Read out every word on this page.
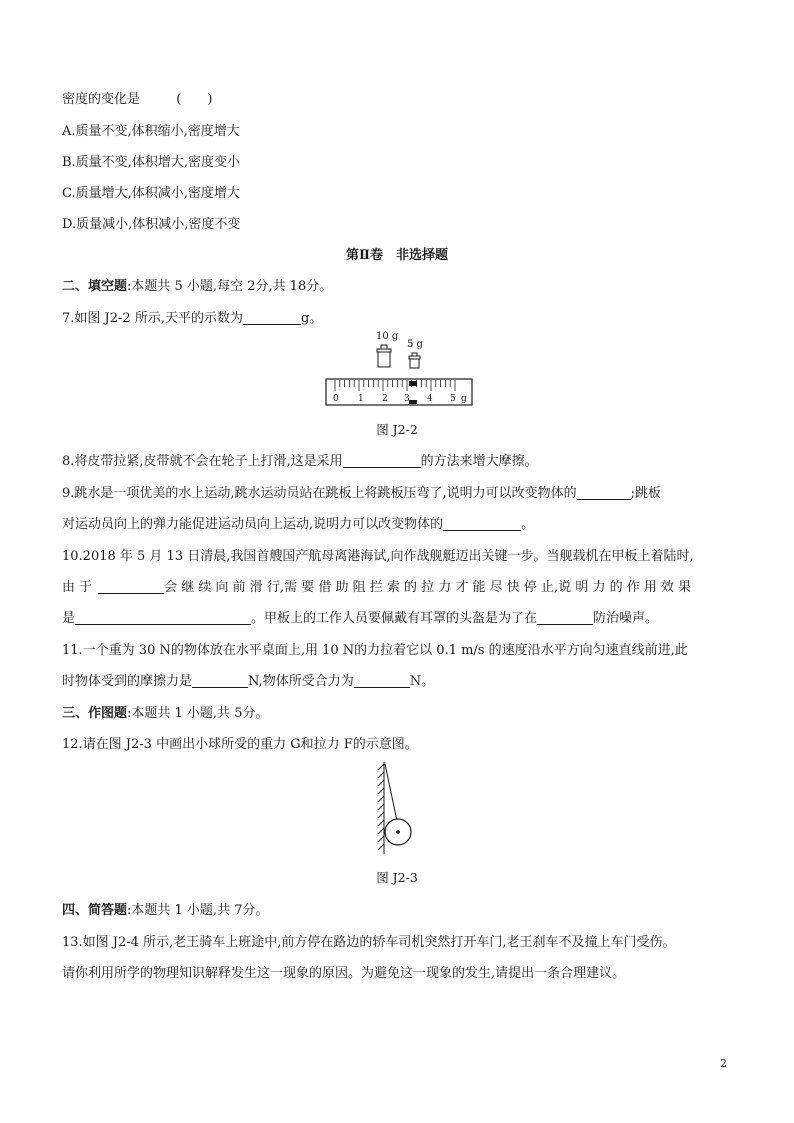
密度的变化是	(　　)
A.质量不变,体积缩小,密度增大
B.质量不变,体积增大,密度变小
C.质量增大,体积减小,密度增大
D.质量减小,体积减小,密度不变
第Ⅱ卷　非选择题
二、填空题:本题共 5 小题,每空 2分,共 18分。
7.如图 J2-2 所示,天平的示数为	g。
10 g
5 g
0 1 2 3 4 5 g
图 J2-2
8.将皮带拉紧,皮带就不会在轮子上打滑,这是采用	的方法来增大摩擦。
9.跳水是一项优美的水上运动,跳水运动员站在跳板上将跳板压弯了,说明力可以改变物体的	;跳板
对运动员向上的弹力能促进运动员向上运动,说明力可以改变物体的	。
10.2018 年 5 月 13 日清晨,我国首艘国产航母离港海试,向作战舰艇迈出关键一步。当舰载机在甲板上着陆时,
由 于	会 继 续 向 前 滑 行,需 要 借 助 阻 拦 索 的 拉 力 才 能 尽 快 停 止,说 明 力 的 作 用 效 果
是	。甲板上的工作人员要佩戴有耳罩的头盔是为了在	防治噪声。
11.一个重为 30 N的物体放在水平桌面上,用 10 N的力拉着它以 0.1 m/s 的速度沿水平方向匀速直线前进,此
时物体受到的摩擦力是	N,物体所受合力为	N。
三、作图题:本题共 1 小题,共 5分。
12.请在图 J2-3 中画出小球所受的重力 G和拉力 F的示意图。
图 J2-3
四、简答题:本题共 1 小题,共 7分。
13.如图 J2-4 所示,老王骑车上班途中,前方停在路边的轿车司机突然打开车门,老王刹车不及撞上车门受伤。
请你利用所学的物理知识解释发生这一现象的原因。为避免这一现象的发生,请提出一条合理建议。
2
